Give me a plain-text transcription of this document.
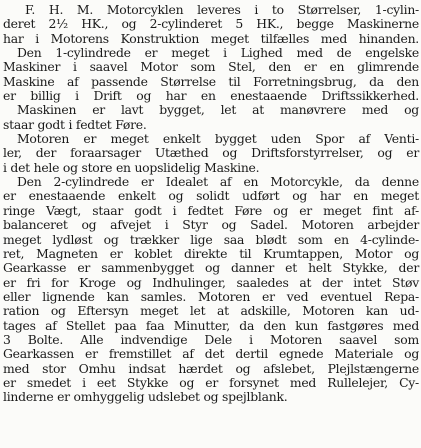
F. H. M. Motorcyklen leveres i to Størrelser, 1-cylin-
deret 2½ HK., og 2-cylinderet 5 HK., begge Maskinerne
har i Motorens Konstruktion meget tilfælles med hinanden.
Den 1-cylindrede er meget i Lighed med de engelske
Maskiner i saavel Motor som Stel, den er en glimrende
Maskine af passende Størrelse til Forretningsbrug, da den
er billig i Drift og har en enestaaende Driftssikkerhed.
Maskinen er lavt bygget, let at manøvrere med og
staar godt i fedtet Føre.
Motoren er meget enkelt bygget uden Spor af Venti-
ler, der foraarsager Utæthed og Driftsforstyrrelser, og er
i det hele og store en uopslidelig Maskine.
Den 2-cylindrede er Idealet af en Motorcykle, da denne
er enestaaende enkelt og solidt udført og har en meget
ringe Vægt, staar godt i fedtet Føre og er meget fint af-
balanceret og afvejet i Styr og Sadel. Motoren arbejder
meget lydløst og trækker lige saa blødt som en 4-cylinde-
ret, Magneten er koblet direkte til Krumtappen, Motor og
Gearkasse er sammenbygget og danner et helt Stykke, der
er fri for Kroge og Indhulinger, saaledes at der intet Støv
eller lignende kan samles. Motoren er ved eventuel Repa-
ration og Eftersyn meget let at adskille, Motoren kan ud-
tages af Stellet paa faa Minutter, da den kun fastgøres med
3 Bolte. Alle indvendige Dele i Motoren saavel som
Gearkassen er fremstillet af det dertil egnede Materiale og
med stor Omhu indsat hærdet og afslebet, Plejlstængerne
er smedet i eet Stykke og er forsynet med Rullelejer, Cy-
linderne er omhyggelig udslebet og spejlblank.
